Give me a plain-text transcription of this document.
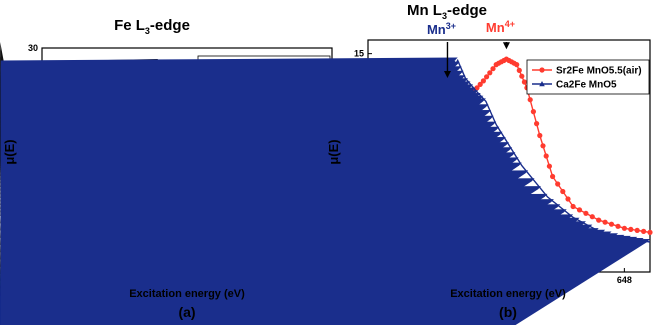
Fe $L_3$-edge
Mn $L_3$-edge
30
648
15
Sr2Fe MnO5.5(air)
Ca2Fe MnO5
$Mn^{3+}$ $Mn^{4+}$
Excitation energy (eV)	Excitation energy (eV)
μ(E)	μ(E)
(a)	(b)
